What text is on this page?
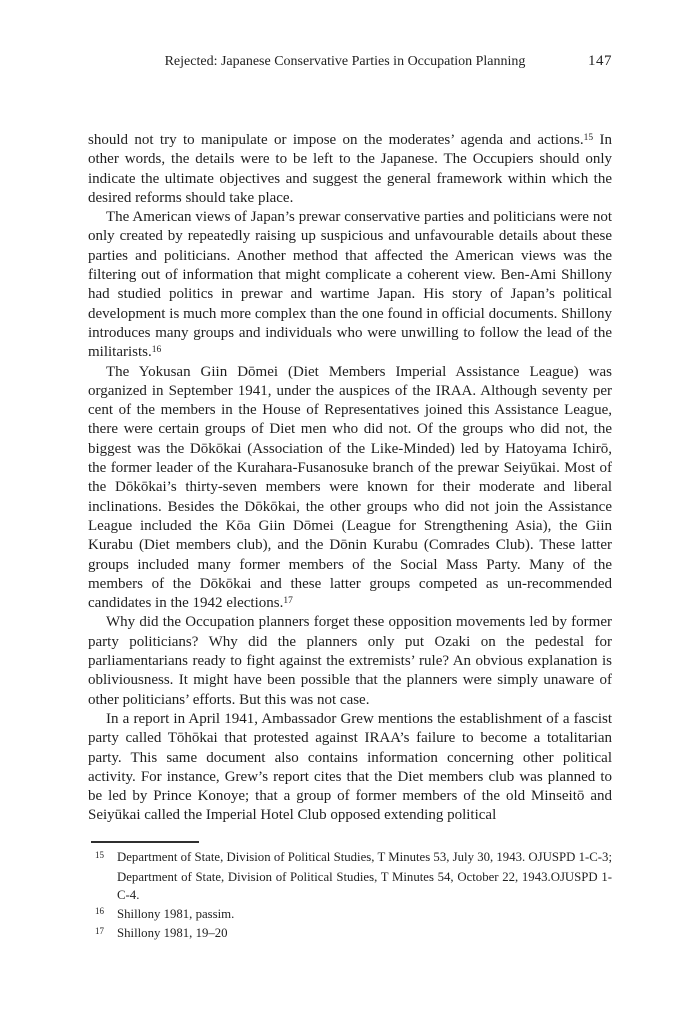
Rejected: Japanese Conservative Parties in Occupation Planning	147

should not try to manipulate or impose on the moderates’ agenda and actions.$^{15}$ In other words, the details were to be left to the Japanese. The Occupiers should only indicate the ultimate objectives and suggest the general framework within which the desired reforms should take place.

The American views of Japan’s prewar conservative parties and politicians were not only created by repeatedly raising up suspicious and unfavourable details about these parties and politicians. Another method that affected the American views was the filtering out of information that might complicate a coherent view. Ben-Ami Shillony had studied politics in prewar and wartime Japan. His story of Japan’s political development is much more complex than the one found in official documents. Shillony introduces many groups and individuals who were unwilling to follow the lead of the militarists.$^{16}$

The Yokusan Giin Dōmei (Diet Members Imperial Assistance League) was organized in September 1941, under the auspices of the IRAA. Although seventy per cent of the members in the House of Representatives joined this Assistance League, there were certain groups of Diet men who did not. Of the groups who did not, the biggest was the Dōkōkai (Association of the Like-Minded) led by Hatoyama Ichirō, the former leader of the Kurahara-Fusanosuke branch of the prewar Seiyūkai. Most of the Dōkōkai’s thirty-seven members were known for their moderate and liberal inclinations. Besides the Dōkōkai, the other groups who did not join the Assistance League included the Kōa Giin Dōmei (League for Strengthening Asia), the Giin Kurabu (Diet members club), and the Dōnin Kurabu (Comrades Club). These latter groups included many former members of the Social Mass Party. Many of the members of the Dōkōkai and these latter groups competed as un-recommended candidates in the 1942 elections.$^{17}$

Why did the Occupation planners forget these opposition movements led by former party politicians? Why did the planners only put Ozaki on the pedestal for parliamentarians ready to fight against the extremists’ rule? An obvious explanation is obliviousness. It might have been possible that the planners were simply unaware of other politicians’ efforts. But this was not case.

In a report in April 1941, Ambassador Grew mentions the establishment of a fascist party called Tōhōkai that protested against IRAA’s failure to become a totalitarian party. This same document also contains information concerning other political activity. For instance, Grew’s report cites that the Diet members club was planned to be led by Prince Konoye; that a group of former members of the old Minseitō and Seiyūkai called the Imperial Hotel Club opposed extending political

15 Department of State, Division of Political Studies, T Minutes 53, July 30, 1943. OJUSPD 1-C-3; Department of State, Division of Political Studies, T Minutes 54, October 22, 1943.OJUSPD 1-C-4.
16 Shillony 1981, passim.
17 Shillony 1981, 19–20
